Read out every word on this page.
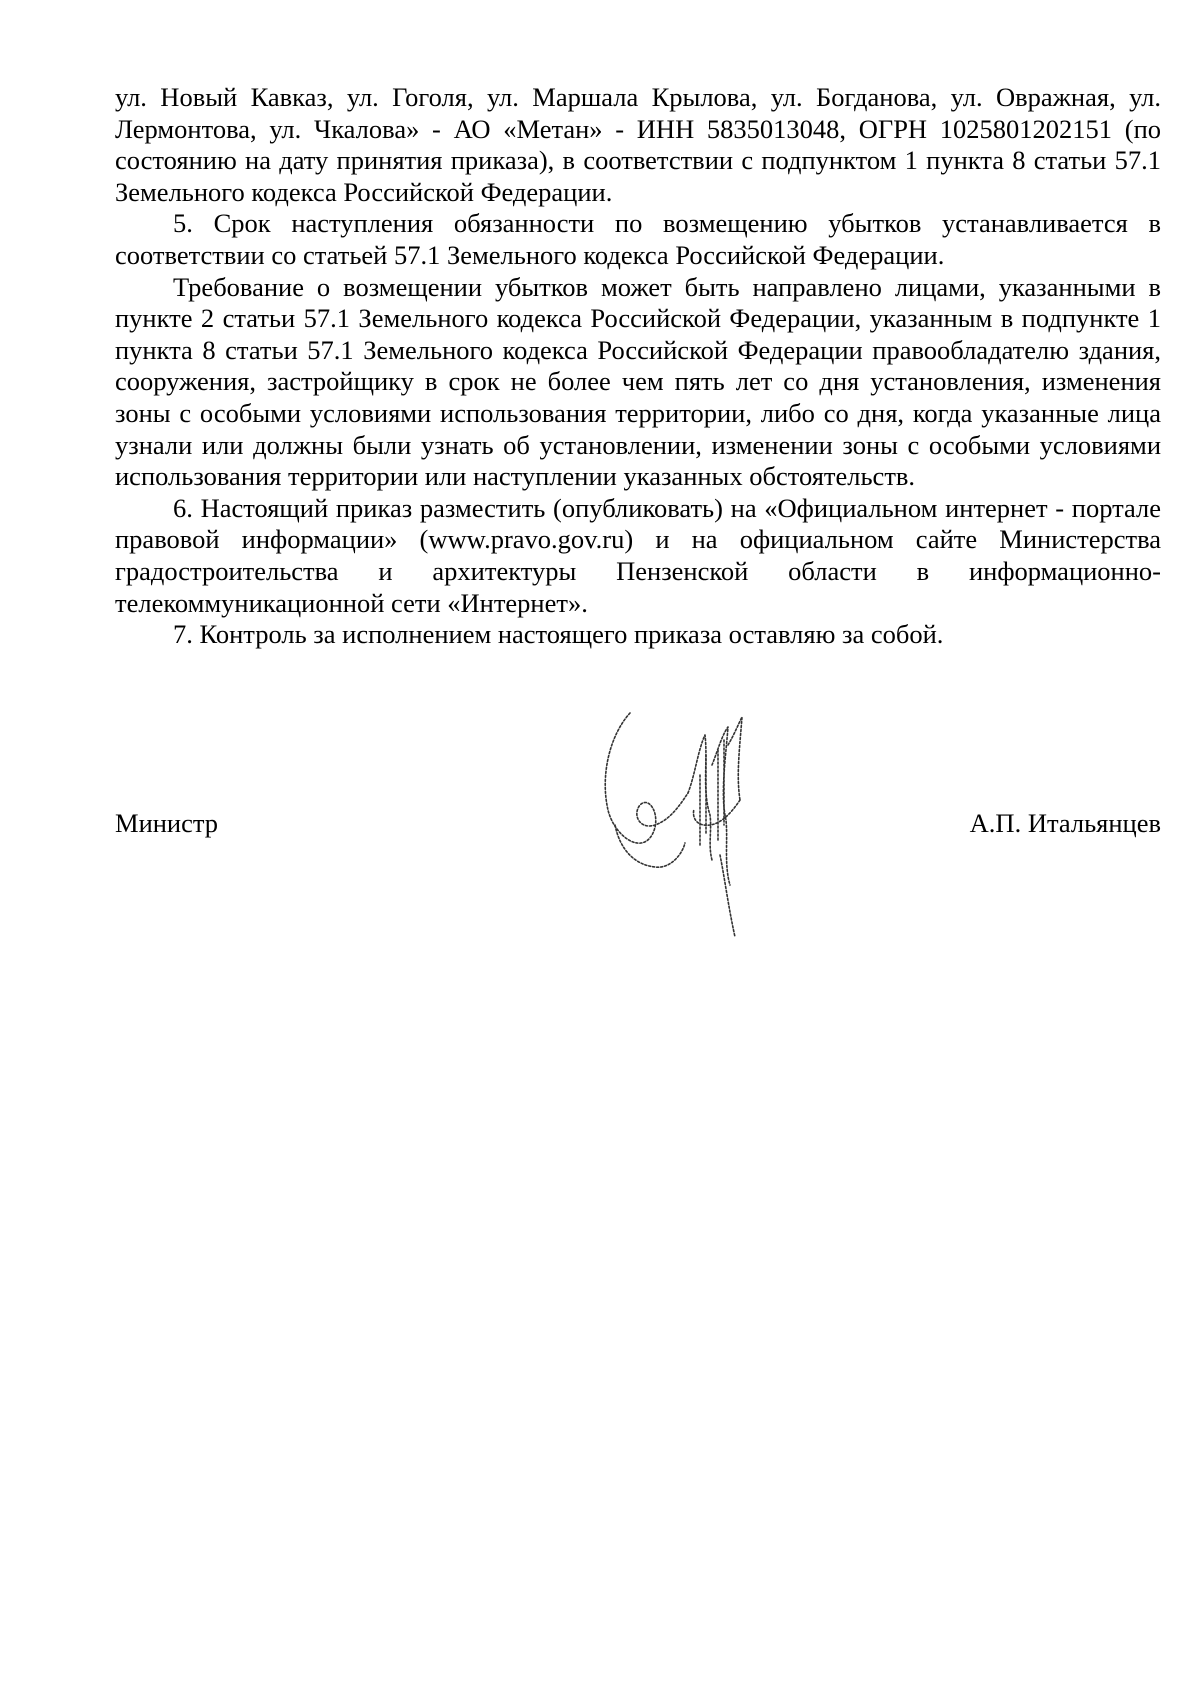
ул. Новый Кавказ, ул. Гоголя, ул. Маршала Крылова, ул. Богданова, ул. Овражная, ул. Лермонтова, ул. Чкалова» - АО «Метан» - ИНН 5835013048, ОГРН 1025801202151 (по состоянию на дату принятия приказа), в соответствии с подпунктом 1 пункта 8 статьи 57.1 Земельного кодекса Российской Федерации.

5. Срок наступления обязанности по возмещению убытков устанавливается в соответствии со статьей 57.1 Земельного кодекса Российской Федерации.

Требование о возмещении убытков может быть направлено лицами, указанными в пункте 2 статьи 57.1 Земельного кодекса Российской Федерации, указанным в подпункте 1 пункта 8 статьи 57.1 Земельного кодекса Российской Федерации правообладателю здания, сооружения, застройщику в срок не более чем пять лет со дня установления, изменения зоны с особыми условиями использования территории, либо со дня, когда указанные лица узнали или должны были узнать об установлении, изменении зоны с особыми условиями использования территории или наступлении указанных обстоятельств.

6. Настоящий приказ разместить (опубликовать) на «Официальном интернет - портале правовой информации» (www.pravo.gov.ru) и на официальном сайте Министерства градостроительства и архитектуры Пензенской области в информационно-телекоммуникационной сети «Интернет».

7. Контроль за исполнением настоящего приказа оставляю за собой.

Министр	А.П. Итальянцев
